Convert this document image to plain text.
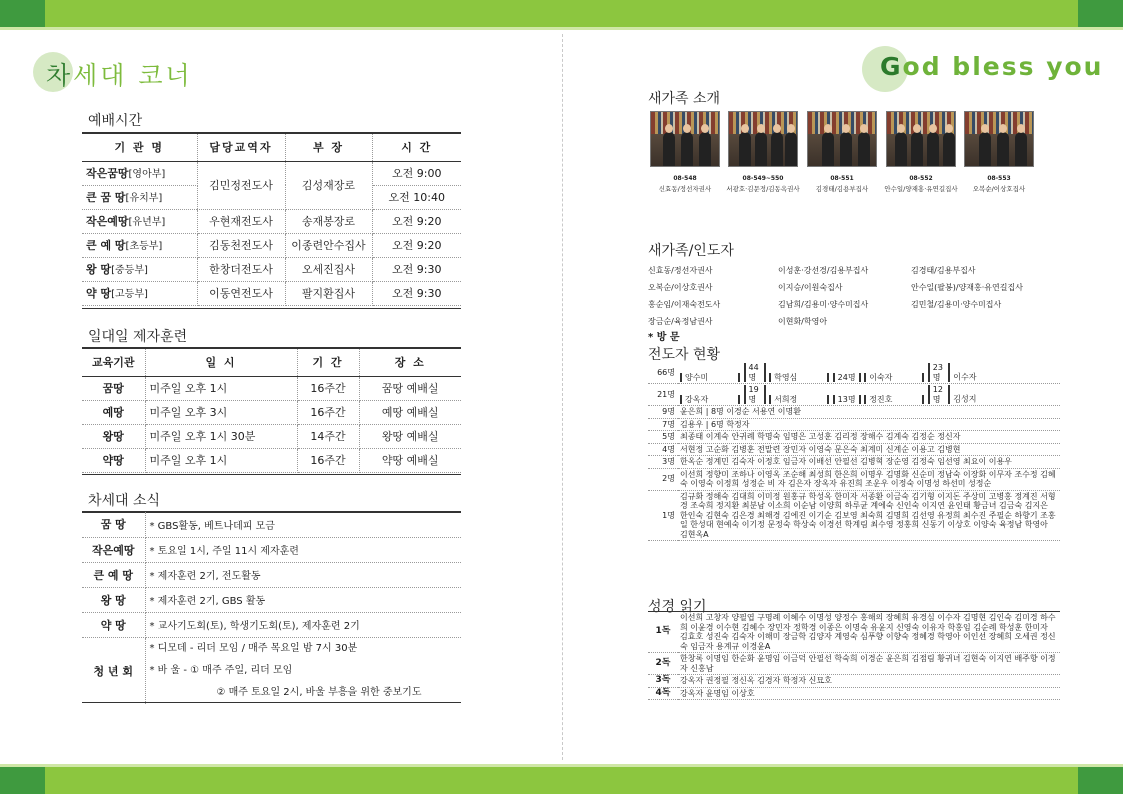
차세대 코너
예배시간
기 관 명	담당교역자	부 장	시 간
작은꿈땅[영아부]	김민정전도사	김성재장로	오전 9:00
큰 꿈 땅[유치부]			오전 10:40
작은예땅[유년부]	우현재전도사	송재봉장로	오전 9:20
큰 예 땅[초등부]	김동천전도사	이종련안수집사	오전 9:20
왕 땅[중등부]	한창더전도사	오세진집사	오전 9:30
약 땅[고등부]	이동연전도사	팔지환집사	오전 9:30
일대일 제자훈련
교육기관	일 시	기 간	장 소
꿈땅	미주일 오후 1시	16주간	꿈땅 예배실
예땅	미주일 오후 3시	16주간	예땅 예배실
왕땅	미주일 오후 1시 30분	14주간	왕땅 예배실
약땅	미주일 오후 1시	16주간	약땅 예배실
차세대 소식
꿈 땅	* GBS활동, 베트나데피 모금
작은예땅	* 토요일 1시, 주일 11시 제자훈련
큰 예 땅	* 제자훈련 2기, 전도활동
왕 땅	* 제자훈련 2기, GBS 활동
약 땅	* 교사기도회(토), 학생기도회(토), 제자훈련 2기
청 년 회	* 디모데 - 리더 모임 / 매주 목요일 밤 7시 30분
* 바 울 - ① 매주 주일, 리더 모임
② 매주 토요일 2시, 바울 부흥을 위한 중보기도
God bless you
새가족 소개
08-548	08-549~550	08-551	08-552	08-553
신효동/정선자권사	서광호·김문정/김동옥권사	김경태/김용부집사	안수일/양재홍·유연길집사	오복순/이상호집사
새가족/인도자
신효동/정선자권사	이성훈·강선경/김용부집사	김경태/김용부집사
오복순/이상호권사	이지승/이원숙집사	안수일(팔봉)/양재홍·유연길집사
홍순임/이재숙전도사	김남희/김용미·양수미집사	김민철/김용미·양수미집사
장금순/육정남권사	이현화/학영아
* 방 문
전도자 현황
66명	양수미 44명 학영심 24명 이숙자 23명 이수자
21명	강옥자 19명 서희정 13명 정진호 12명 김성지
9명	윤은희 | 8명 이경순 서용연 이명환
7명	김용우 | 6명 학정자
5명	최종태 이계숙 안귀례 학명숙 임명은 고성훈 김리정 장해수 김계숙 김정순 정신자
4명	서현정 고순화 김병훈 전말련 장민자 이영숙 문은숙 최계미 신계순 이용고 김병현
3명	한옥순 정계민 김숙자 이정호 임금자 이배선 안필선 김병혁 장순영 김정숙 임선영 최요이 이용우
2명	이선희 정향미 조하나 이영옥 조순해 최성희 한은희 이명우 김명화 신순미 정남숙 이장화 이무자 조수정 김혜숙 이영숙 이정희 성정순 비 자 김은자 장옥자 유진희 조운우 이정숙 이명성 하선미 성정순
1명	김규화 정해숙 김대희 이미정 원홍규 학성옥 한미자 서종환 이금숙 김기형 이지돈 주상미 고병홍 정계진 서형경 조숙희 정지환 최분남 이소희 이순남 이양희 하루균 계에숙 신인숙 이지연 윤인태 황금녀 김금숙 김지은 한인숙 김현숙 김은경 최해경 김에진 이기순 김보영 최숙희 김명희 김선영 유정희 최수진 주필순 하향기 조홍일 한성대 현예숙 이기정 문정숙 학상숙 이경선 학계림 최수영 정홍희 신동기 이상호 이양숙 육정남 학영아 김현옥A
성경 읽기
1독	이선희 고창자 양필엽 구명례 이혜수 이명성 양정수 홍해의 장혜희 유경심 이수자 김명현 김인숙 김미경 하수희 이윤경 이수현 김혜수 장민자 정학경 이종은 이명숙 유윤지 신영숙 이유자 학홍임 김순례 학성훈 한미자 김효호 성진숙 김숙자 이해미 장금학 김양자 계영숙 심푸향 이향숙 정혜경 학영아 이인선 장혜희 오세권 정신숙 임금자 용계규 이경윤A
2독	한창록 이명임 한순화 윤명임 이금덕 안필선 학숙희 이경순 윤은희 김점림 황귀녀 김현숙 이지연 배주향 이정자 신홍남
3독	강옥자 권정필 정신옥 김경자 학정자 신묘호
4독	강옥자 윤명임 이상호
